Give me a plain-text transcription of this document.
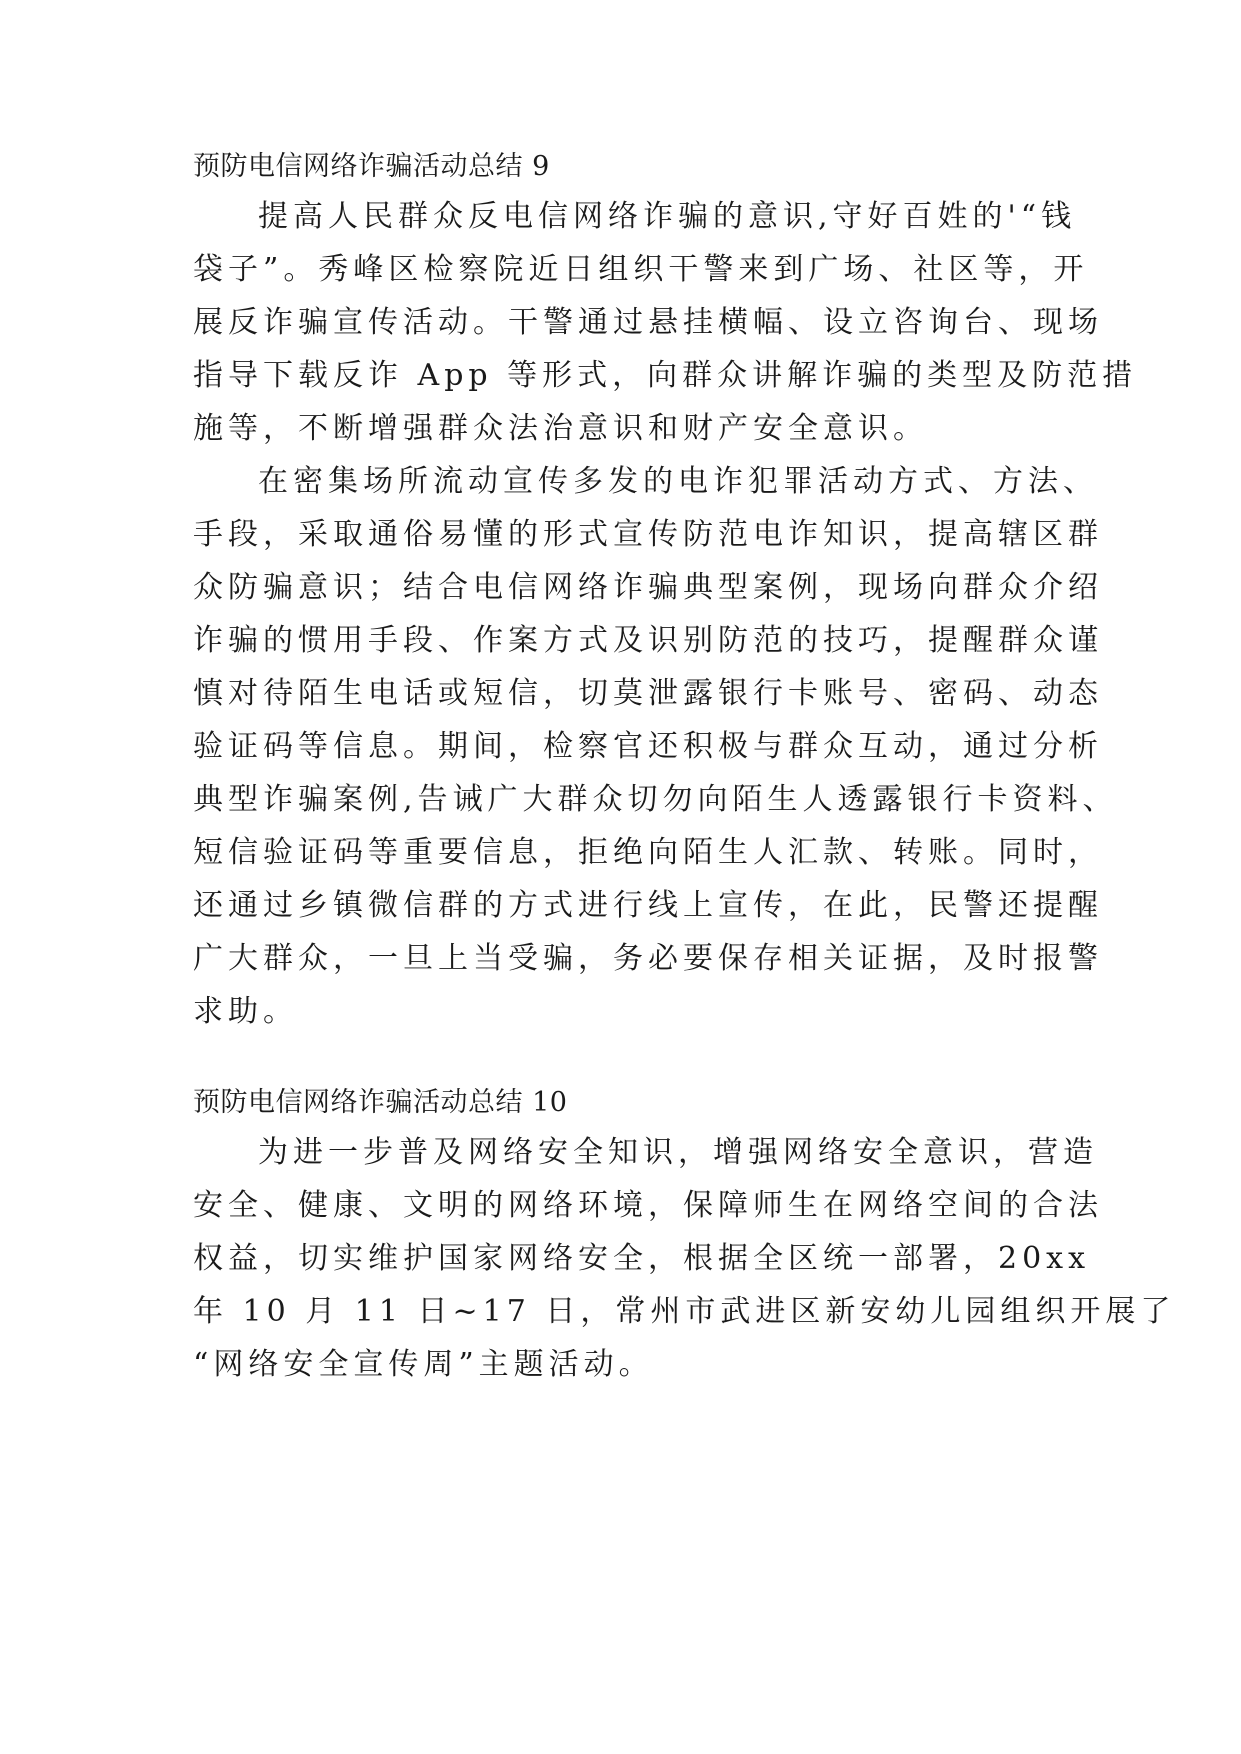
预防电信网络诈骗活动总结 9
提高人民群众反电信网络诈骗的意识,守好百姓的'“钱
袋子”。秀峰区检察院近日组织干警来到广场、社区等，开
展反诈骗宣传活动。干警通过悬挂横幅、设立咨询台、现场
指导下载反诈 App 等形式，向群众讲解诈骗的类型及防范措
施等，不断增强群众法治意识和财产安全意识。
在密集场所流动宣传多发的电诈犯罪活动方式、方法、
手段，采取通俗易懂的形式宣传防范电诈知识，提高辖区群
众防骗意识；结合电信网络诈骗典型案例，现场向群众介绍
诈骗的惯用手段、作案方式及识别防范的技巧，提醒群众谨
慎对待陌生电话或短信，切莫泄露银行卡账号、密码、动态
验证码等信息。期间，检察官还积极与群众互动，通过分析
典型诈骗案例,告诫广大群众切勿向陌生人透露银行卡资料、
短信验证码等重要信息，拒绝向陌生人汇款、转账。同时，
还通过乡镇微信群的方式进行线上宣传，在此，民警还提醒
广大群众，一旦上当受骗，务必要保存相关证据，及时报警
求助。
预防电信网络诈骗活动总结 10
为进一步普及网络安全知识，增强网络安全意识，营造
安全、健康、文明的网络环境，保障师生在网络空间的合法
权益，切实维护国家网络安全，根据全区统一部署，20xx
年 10 月 11 日~17 日，常州市武进区新安幼儿园组织开展了
“网络安全宣传周”主题活动。
